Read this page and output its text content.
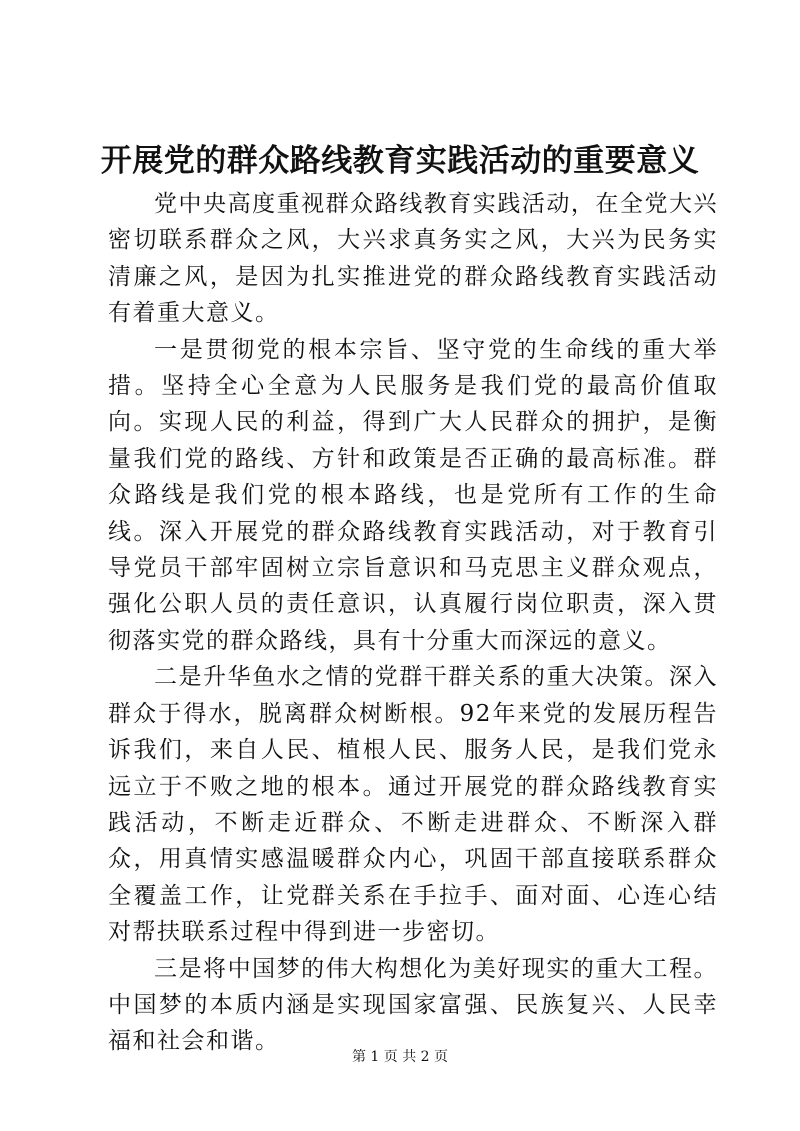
开展党的群众路线教育实践活动的重要意义

党中央高度重视群众路线教育实践活动，在全党大兴密切联系群众之风，大兴求真务实之风，大兴为民务实清廉之风，是因为扎实推进党的群众路线教育实践活动有着重大意义。

一是贯彻党的根本宗旨、坚守党的生命线的重大举措。坚持全心全意为人民服务是我们党的最高价值取向。实现人民的利益，得到广大人民群众的拥护，是衡量我们党的路线、方针和政策是否正确的最高标准。群众路线是我们党的根本路线，也是党所有工作的生命线。深入开展党的群众路线教育实践活动，对于教育引导党员干部牢固树立宗旨意识和马克思主义群众观点，强化公职人员的责任意识，认真履行岗位职责，深入贯彻落实党的群众路线，具有十分重大而深远的意义。

二是升华鱼水之情的党群干群关系的重大决策。深入群众于得水，脱离群众树断根。92年来党的发展历程告诉我们，来自人民、植根人民、服务人民，是我们党永远立于不败之地的根本。通过开展党的群众路线教育实践活动，不断走近群众、不断走进群众、不断深入群众，用真情实感温暖群众内心，巩固干部直接联系群众全覆盖工作，让党群关系在手拉手、面对面、心连心结对帮扶联系过程中得到进一步密切。

三是将中国梦的伟大构想化为美好现实的重大工程。中国梦的本质内涵是实现国家富强、民族复兴、人民幸福和社会和谐。

第 1 页 共 2 页
